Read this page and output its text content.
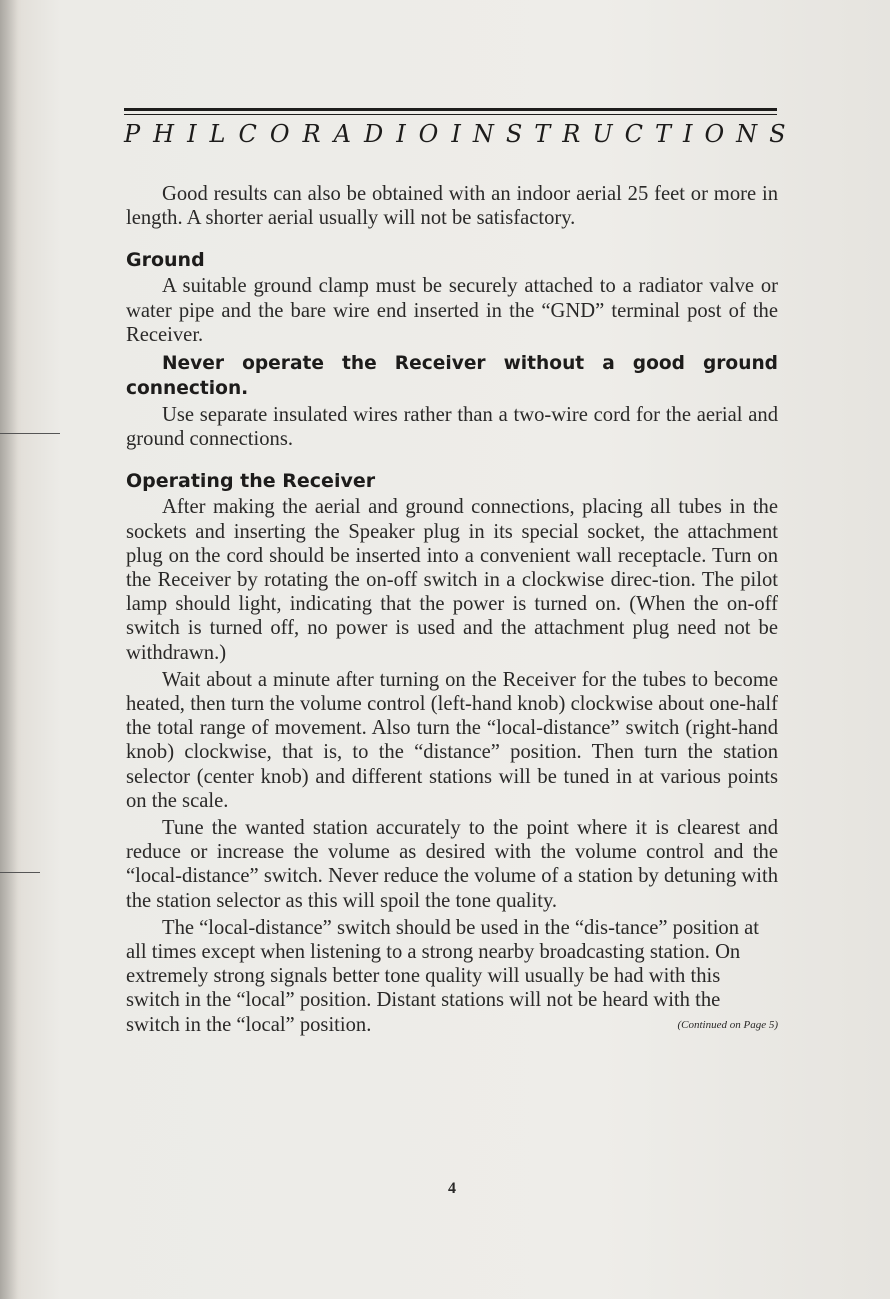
PHILCO RADIO INSTRUCTIONS

Good results can also be obtained with an indoor aerial 25 feet or more in length. A shorter aerial usually will not be satisfactory.

Ground

A suitable ground clamp must be securely attached to a radiator valve or water pipe and the bare wire end inserted in the “GND” terminal post of the Receiver.

Never operate the Receiver without a good ground connection.

Use separate insulated wires rather than a two-wire cord for the aerial and ground connections.

Operating the Receiver

After making the aerial and ground connections, placing all tubes in the sockets and inserting the Speaker plug in its special socket, the attachment plug on the cord should be inserted into a convenient wall receptacle. Turn on the Receiver by rotating the on-off switch in a clockwise direc-tion. The pilot lamp should light, indicating that the power is turned on. (When the on-off switch is turned off, no power is used and the attachment plug need not be withdrawn.)

Wait about a minute after turning on the Receiver for the tubes to become heated, then turn the volume control (left-hand knob) clockwise about one-half the total range of movement. Also turn the “local-distance” switch (right-hand knob) clockwise, that is, to the “distance” position. Then turn the station selector (center knob) and different stations will be tuned in at various points on the scale.

Tune the wanted station accurately to the point where it is clearest and reduce or increase the volume as desired with the volume control and the “local-distance” switch. Never reduce the volume of a station by detuning with the station selector as this will spoil the tone quality.

The “local-distance” switch should be used in the “dis-tance” position at all times except when listening to a strong nearby broadcasting station. On extremely strong signals better tone quality will usually be had with this switch in the “local” position. Distant stations will not be heard with the switch in the “local” position.	(Continued on Page 5)

4
